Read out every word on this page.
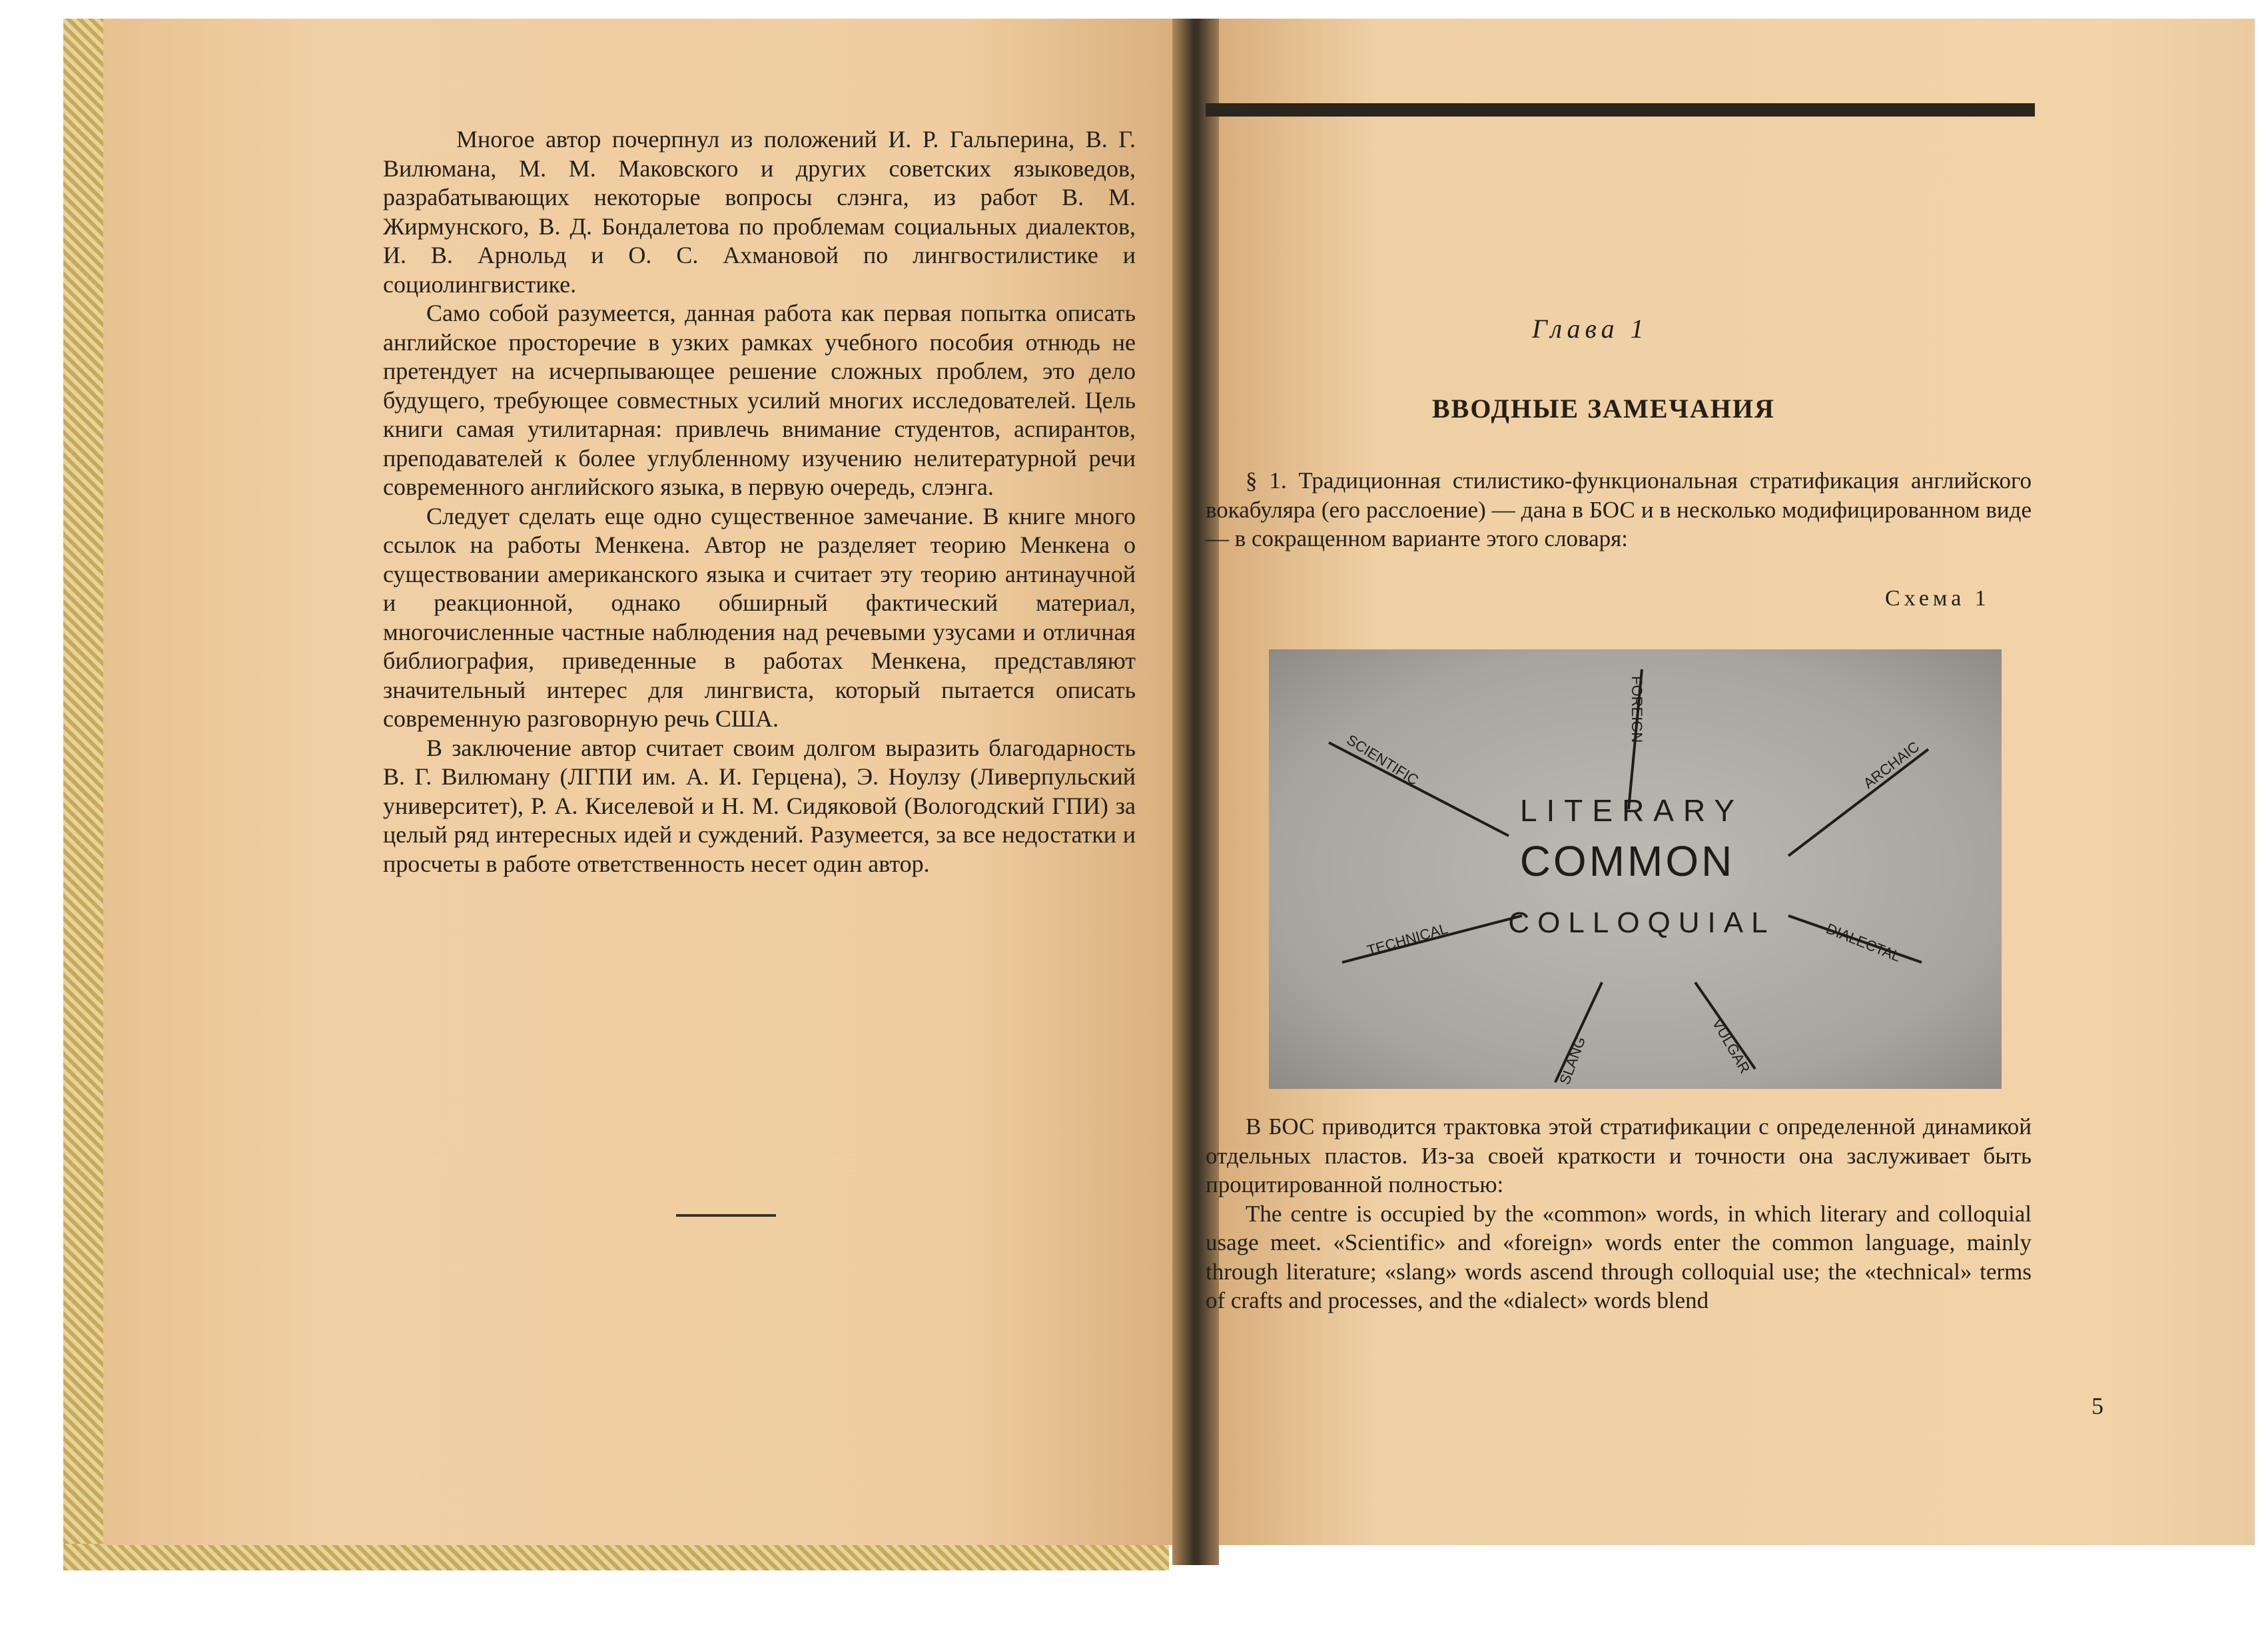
Многое автор почерпнул из положений И. Р. Гальперина, В. Г. Вилюмана, М. М. Маковского и других советских языковедов, разрабатывающих некоторые вопросы слэнга, из работ В. М. Жирмунского, В. Д. Бондалетова по проблемам социальных диалектов, И. В. Арнольд и О. С. Ахмановой по лингвостилистике и социолингвистике.

Само собой разумеется, данная работа как первая попытка описать английское просторечие в узких рамках учебного пособия отнюдь не претендует на исчерпывающее решение сложных проблем, это дело будущего, требующее совместных усилий многих исследователей. Цель книги самая утилитарная: привлечь внимание студентов, аспирантов, преподавателей к более углубленному изучению нелитературной речи современного английского языка, в первую очередь, слэнга.

Следует сделать еще одно существенное замечание. В книге много ссылок на работы Менкена. Автор не разделяет теорию Менкена о существовании американского языка и считает эту теорию антинаучной и реакционной, однако обширный фактический материал, многочисленные частные наблюдения над речевыми узусами и отличная библиография, приведенные в работах Менкена, представляют значительный интерес для лингвиста, который пытается описать современную разговорную речь США.

В заключение автор считает своим долгом выразить благодарность В. Г. Вилюману (ЛГПИ им. А. И. Герцена), Э. Ноулзу (Ливерпульский университет), Р. А. Киселевой и Н. М. Сидяковой (Вологодский ГПИ) за целый ряд интересных идей и суждений. Разумеется, за все недостатки и просчеты в работе ответственность несет один автор.

Глава 1
ВВОДНЫЕ ЗАМЕЧАНИЯ

§ 1. Традиционная стилистико-функциональная стратификация английского вокабуляра (его расслоение) — дана в БОС и в несколько модифицированном виде — в сокращенном варианте этого словаря:

Схема 1
COMMON
LITERARY
COLLOQUIAL
SCIENTIFIC
FOREIGN
ARCHAIC
TECHNICAL
SLANG	VULGAR
DIALECTAL

В БОС приводится трактовка этой стратификации с определенной динамикой отдельных пластов. Из-за своей краткости и точности она заслуживает быть процитированной полностью:

The centre is occupied by the «common» words, in which literary and colloquial usage meet. «Scientific» and «foreign» words enter the common language, mainly through literature; «slang» words ascend through colloquial use; the «technical» terms of crafts and processes, and the «dialect» words blend

5
